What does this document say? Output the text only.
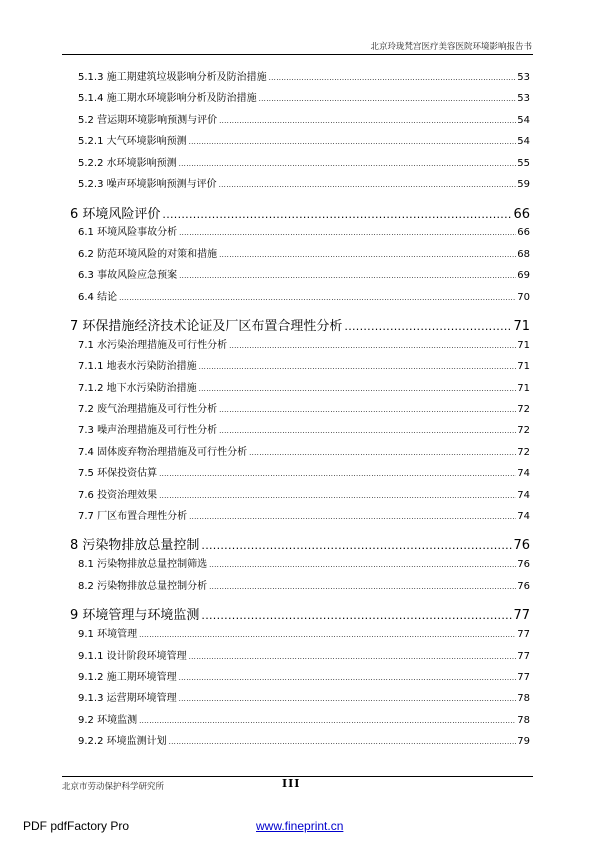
北京玲珑梵宫医疗美容医院环境影响报告书
5.1.3 施工期建筑垃圾影响分析及防治措施 .....	53
5.1.4 施工期水环境影响分析及防治措施 .....	53
5.2 营运期环境影响预测与评价 .....	54
5.2.1 大气环境影响预测 .....	54
5.2.2 水环境影响预测 .....	55
5.2.3 噪声环境影响预测与评价 .....	59
6 环境风险评价 .....	66
6.1 环境风险事故分析 .....	66
6.2 防范环境风险的对策和措施 .....	68
6.3 事故风险应急预案 .....	69
6.4 结论 .....	70
7 环保措施经济技术论证及厂区布置合理性分析 .....	71
7.1 水污染治理措施及可行性分析 .....	71
7.1.1 地表水污染防治措施 .....	71
7.1.2 地下水污染防治措施 .....	71
7.2 废气治理措施及可行性分析 .....	72
7.3 噪声治理措施及可行性分析 .....	72
7.4 固体废弃物治理措施及可行性分析 .....	72
7.5 环保投资估算 .....	74
7.6 投资治理效果 .....	74
7.7 厂区布置合理性分析 .....	74
8 污染物排放总量控制 .....	76
8.1 污染物排放总量控制筛选 .....	76
8.2 污染物排放总量控制分析 .....	76
9 环境管理与环境监测 .....	77
9.1 环境管理 .....	77
9.1.1 设计阶段环境管理 .....	77
9.1.2 施工期环境管理 .....	77
9.1.3 运营期环境管理 .....	78
9.2 环境监测 .....	78
9.2.2 环境监测计划 .....	79
北京市劳动保护科学研究所	III
PDF pdfFactory Pro	www.fineprint.cn
